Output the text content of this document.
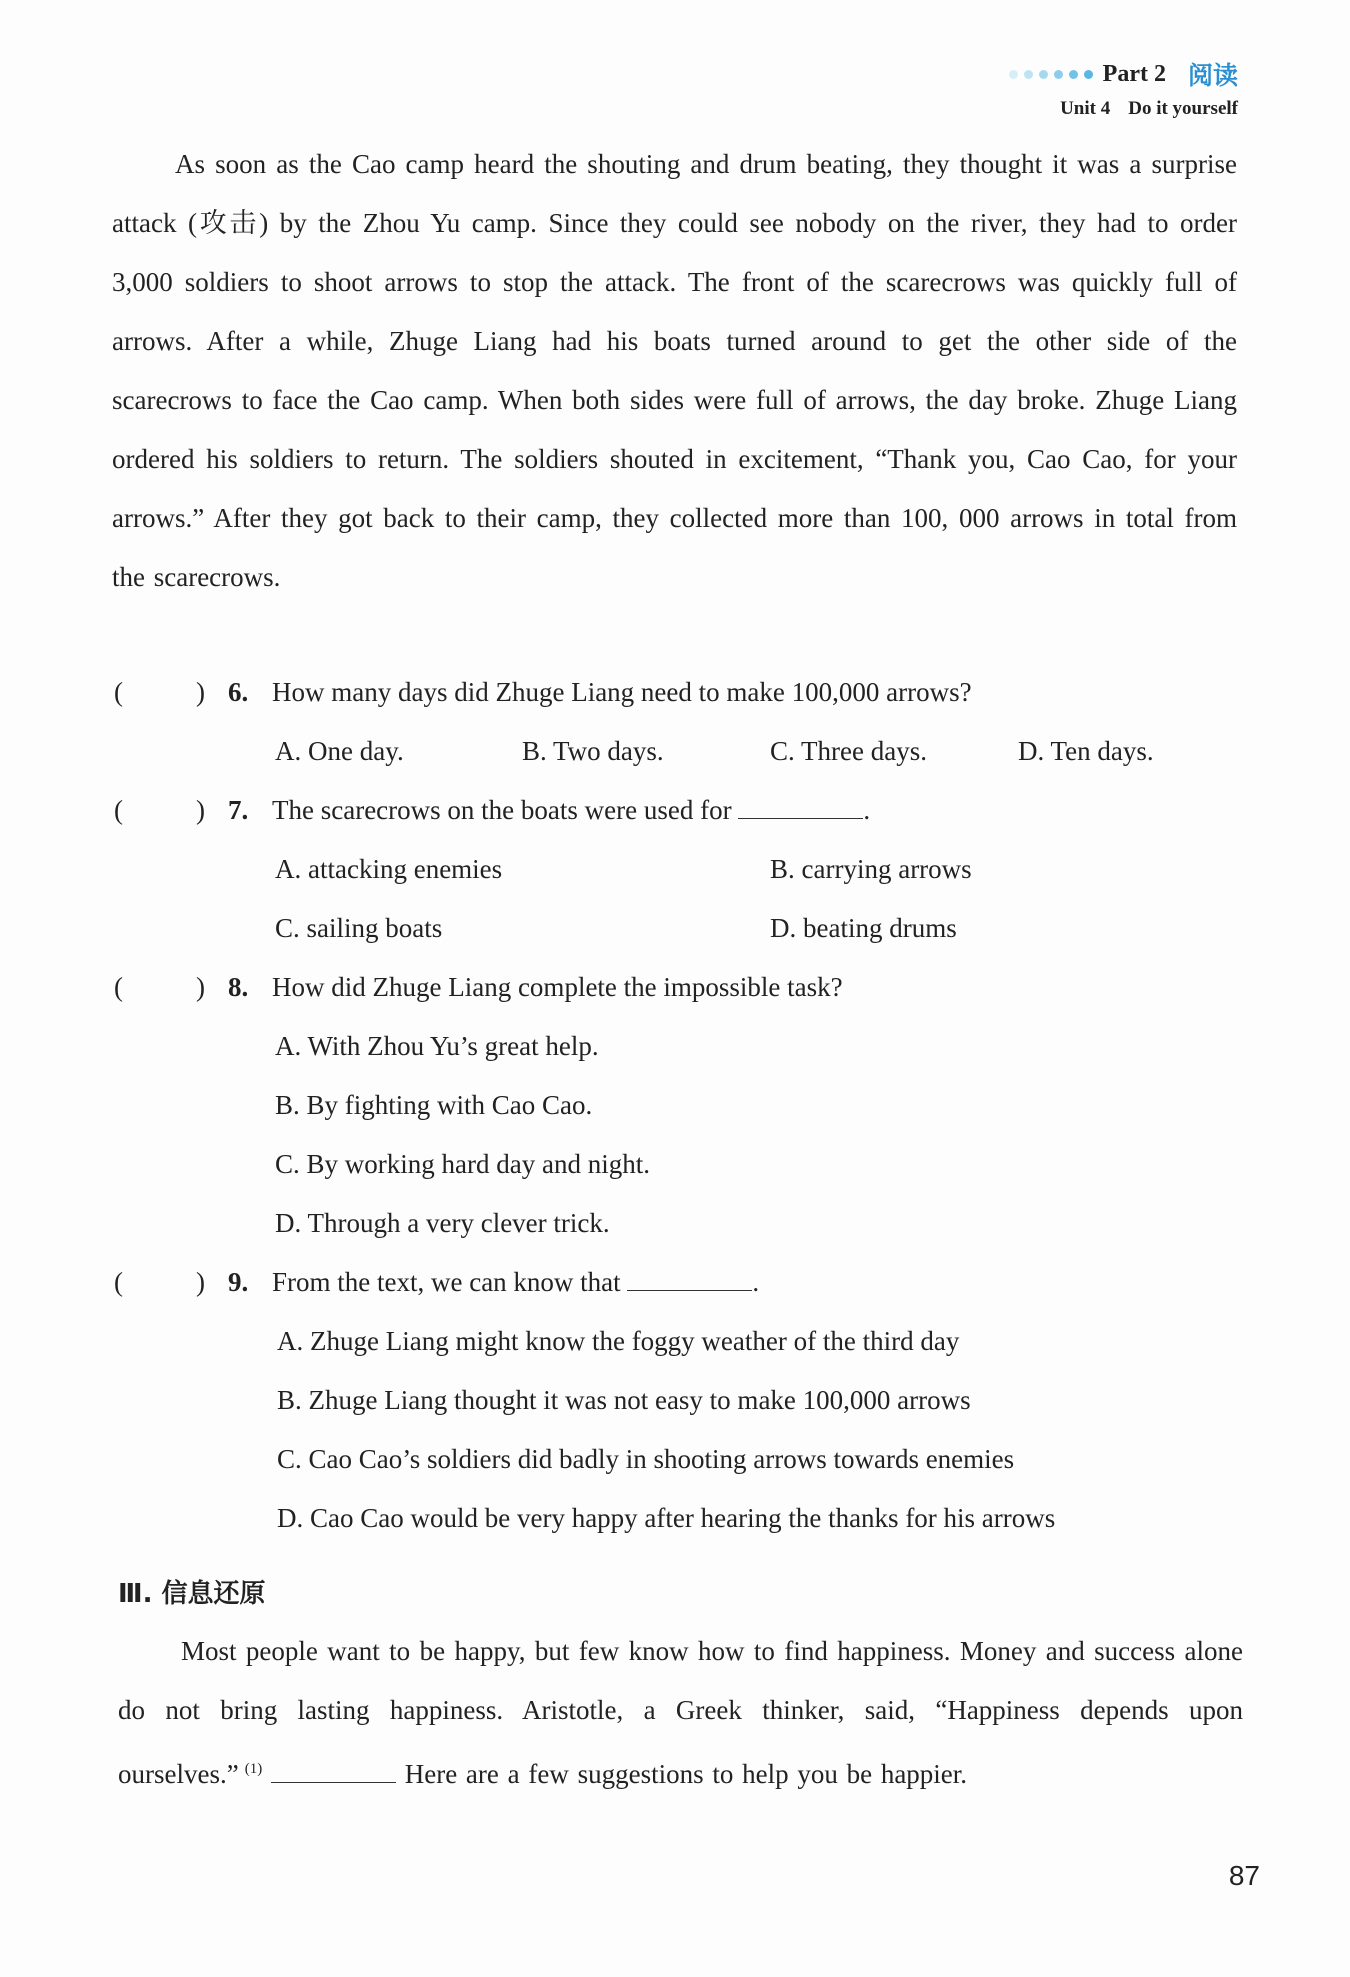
Part 2 阅读
Unit 4 Do it yourself
As soon as the Cao camp heard the shouting and drum beating, they thought it was a surprise attack (攻击) by the Zhou Yu camp. Since they could see nobody on the river, they had to order 3,000 soldiers to shoot arrows to stop the attack. The front of the scarecrows was quickly full of arrows. After a while, Zhuge Liang had his boats turned around to get the other side of the scarecrows to face the Cao camp. When both sides were full of arrows, the day broke. Zhuge Liang ordered his soldiers to return. The soldiers shouted in excitement, “Thank you, Cao Cao, for your arrows.” After they got back to their camp, they collected more than 100, 000 arrows in total from the scarecrows.
(	) 6. How many days did Zhuge Liang need to make 100,000 arrows?
A. One day.	B. Two days.	C. Three days.	D. Ten days.
(	) 7. The scarecrows on the boats were used for	.
A. attacking enemies	B. carrying arrows
C. sailing boats	D. beating drums
(	) 8. How did Zhuge Liang complete the impossible task?
A. With Zhou Yu’s great help.
B. By fighting with Cao Cao.
C. By working hard day and night.
D. Through a very clever trick.
(	) 9. From the text, we can know that	.
A. Zhuge Liang might know the foggy weather of the third day
B. Zhuge Liang thought it was not easy to make 100,000 arrows
C. Cao Cao’s soldiers did badly in shooting arrows towards enemies
D. Cao Cao would be very happy after hearing the thanks for his arrows
Ⅲ. 信息还原
Most people want to be happy, but few know how to find happiness. Money and success alone do not bring lasting happiness. Aristotle, a Greek thinker, said, “Happiness depends upon ourselves.” $^{(1)}$	Here are a few suggestions to help you be happier.
87
